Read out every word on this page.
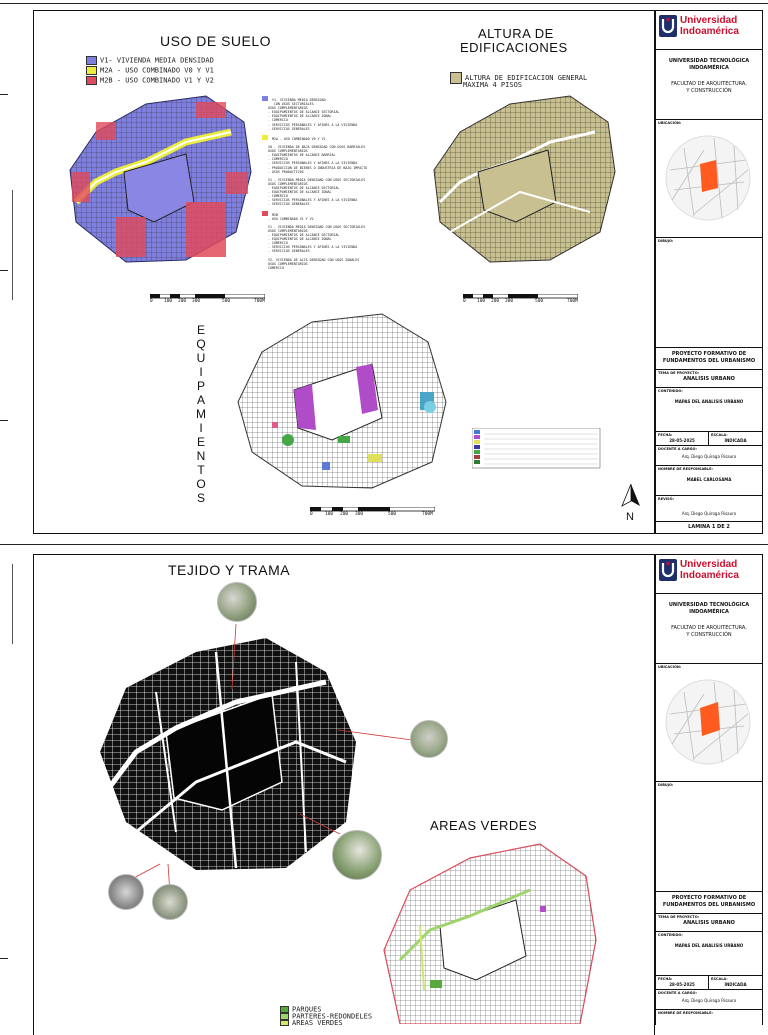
USO DE SUELO
V1- VIVIENDA MEDIA DENSIDAD
M2A - USO COMBINADO V0 Y V1
M2B - USO COMBINADO V1 Y V2
V1- VIVIENDA MEDIA DENSIDAD
CON USOS SECTORIALES
USOS COMPLEMENTARIOS
- EQUIPAMIENTOS DE ALCANCE SECTORIAL
- EQUIPAMIENTOS DE ALCANCE ZONAL
- COMERCIO
- SERVICIOS PERSONALES Y AFINES A LA VIVIENDA
- SERVICIOS GENERALES

M2A - USO COMBINADO V0 Y V1

V0 - VIVIENDA DE BAJA DENSIDAD CON USOS BARRIALES
USOS COMPLEMENTARIOS
- EQUIPAMIENTOS DE ALCANCE BARRIAL
- COMERCIO
- SERVICIOS PERSONALES Y AFINES A LA VIVIENDA
- PRODUCCION DE BIENES O INDUSTRIA DE BAJO IMPACTO
- USOS PRODUCTIVOS

V1 - VIVIENDA MEDIA DENSIDAD CON USOS SECTORIALES
USOS COMPLEMENTARIOS
- EQUIPAMIENTOS DE ALCANCE SECTORIAL
- EQUIPAMIENTOS DE ALCANCE ZONAL
- COMERCIO
- SERVICIOS PERSONALES Y AFINES A LA VIVIENDA
- SERVICIOS GENERALES

M2B
- USO COMBINADO V1 Y V2

V1 - VIVIENDA MEDIA DENSIDAD CON USOS SECTORIALES
USOS COMPLEMENTARIOS
- EQUIPAMIENTOS DE ALCANCE SECTORIAL
- EQUIPAMIENTOS DE ALCANCE ZONAL
- COMERCIO
- SERVICIOS PERSONALES Y AFINES A LA VIVIENDA
- SERVICIOS GENERALES

V2- VIVIENDA DE ALTA DENSIDAD CON USOS ZONALES
USOS COMPLEMENTARIOS
COMERCIO
0	100 200 300	500	700M
ALTURA DE
EDIFICACIONES
ALTURA DE EDIFICACION GENERAL
MAXIMA 4 PISOS
0	100 200 300	500	700M
E
Q
U
I
P
A
M
I
E
N
T
O
S
0	100 200 300	500	700M	N
Universidad
Indoamérica
UNIVERSIDAD TECNOLÓGICA
INDOAMÉRICA
FACULTAD DE ARQUITECTURA,
Y CONSTRUCCIÓN
UBICACIÓN:
DIBUJO:
PROYECTO FORMATIVO DE
FUNDAMENTOS DEL URBANISMO
TEMA DE PROYECTO:
ANALISIS URBANO
CONTENIDO:
MAPAS DEL ANALISIS URBANO
FECHA:
28-05-2025
ESCALA:
INDICADA
DOCENTE A CARGO:
Arq. Diego Quiroga Risauro
NOMBRE DE RESPONSABLE:
MABEL CARLOSAMA
REVISÓ:
Arq. Diego Quiroga Risauro
LAMINA 1 DE 2
TEJIDO Y TRAMA
AREAS VERDES
PARQUES
PARTERES-REDONDELES
AREAS VERDES
Universidad
Indoamérica
UNIVERSIDAD TECNOLÓGICA
INDOAMÉRICA
FACULTAD DE ARQUITECTURA,
Y CONSTRUCCIÓN
UBICACIÓN:
DIBUJO:
PROYECTO FORMATIVO DE
FUNDAMENTOS DEL URBANISMO
TEMA DE PROYECTO:
ANALISIS URBANO
CONTENIDO:
MAPAS DEL ANALISIS URBANO
FECHA:
28-05-2025
ESCALA:
INDICADA
DOCENTE A CARGO:
Arq. Diego Quiroga Risauro
NOMBRE DE RESPONSABLE:
